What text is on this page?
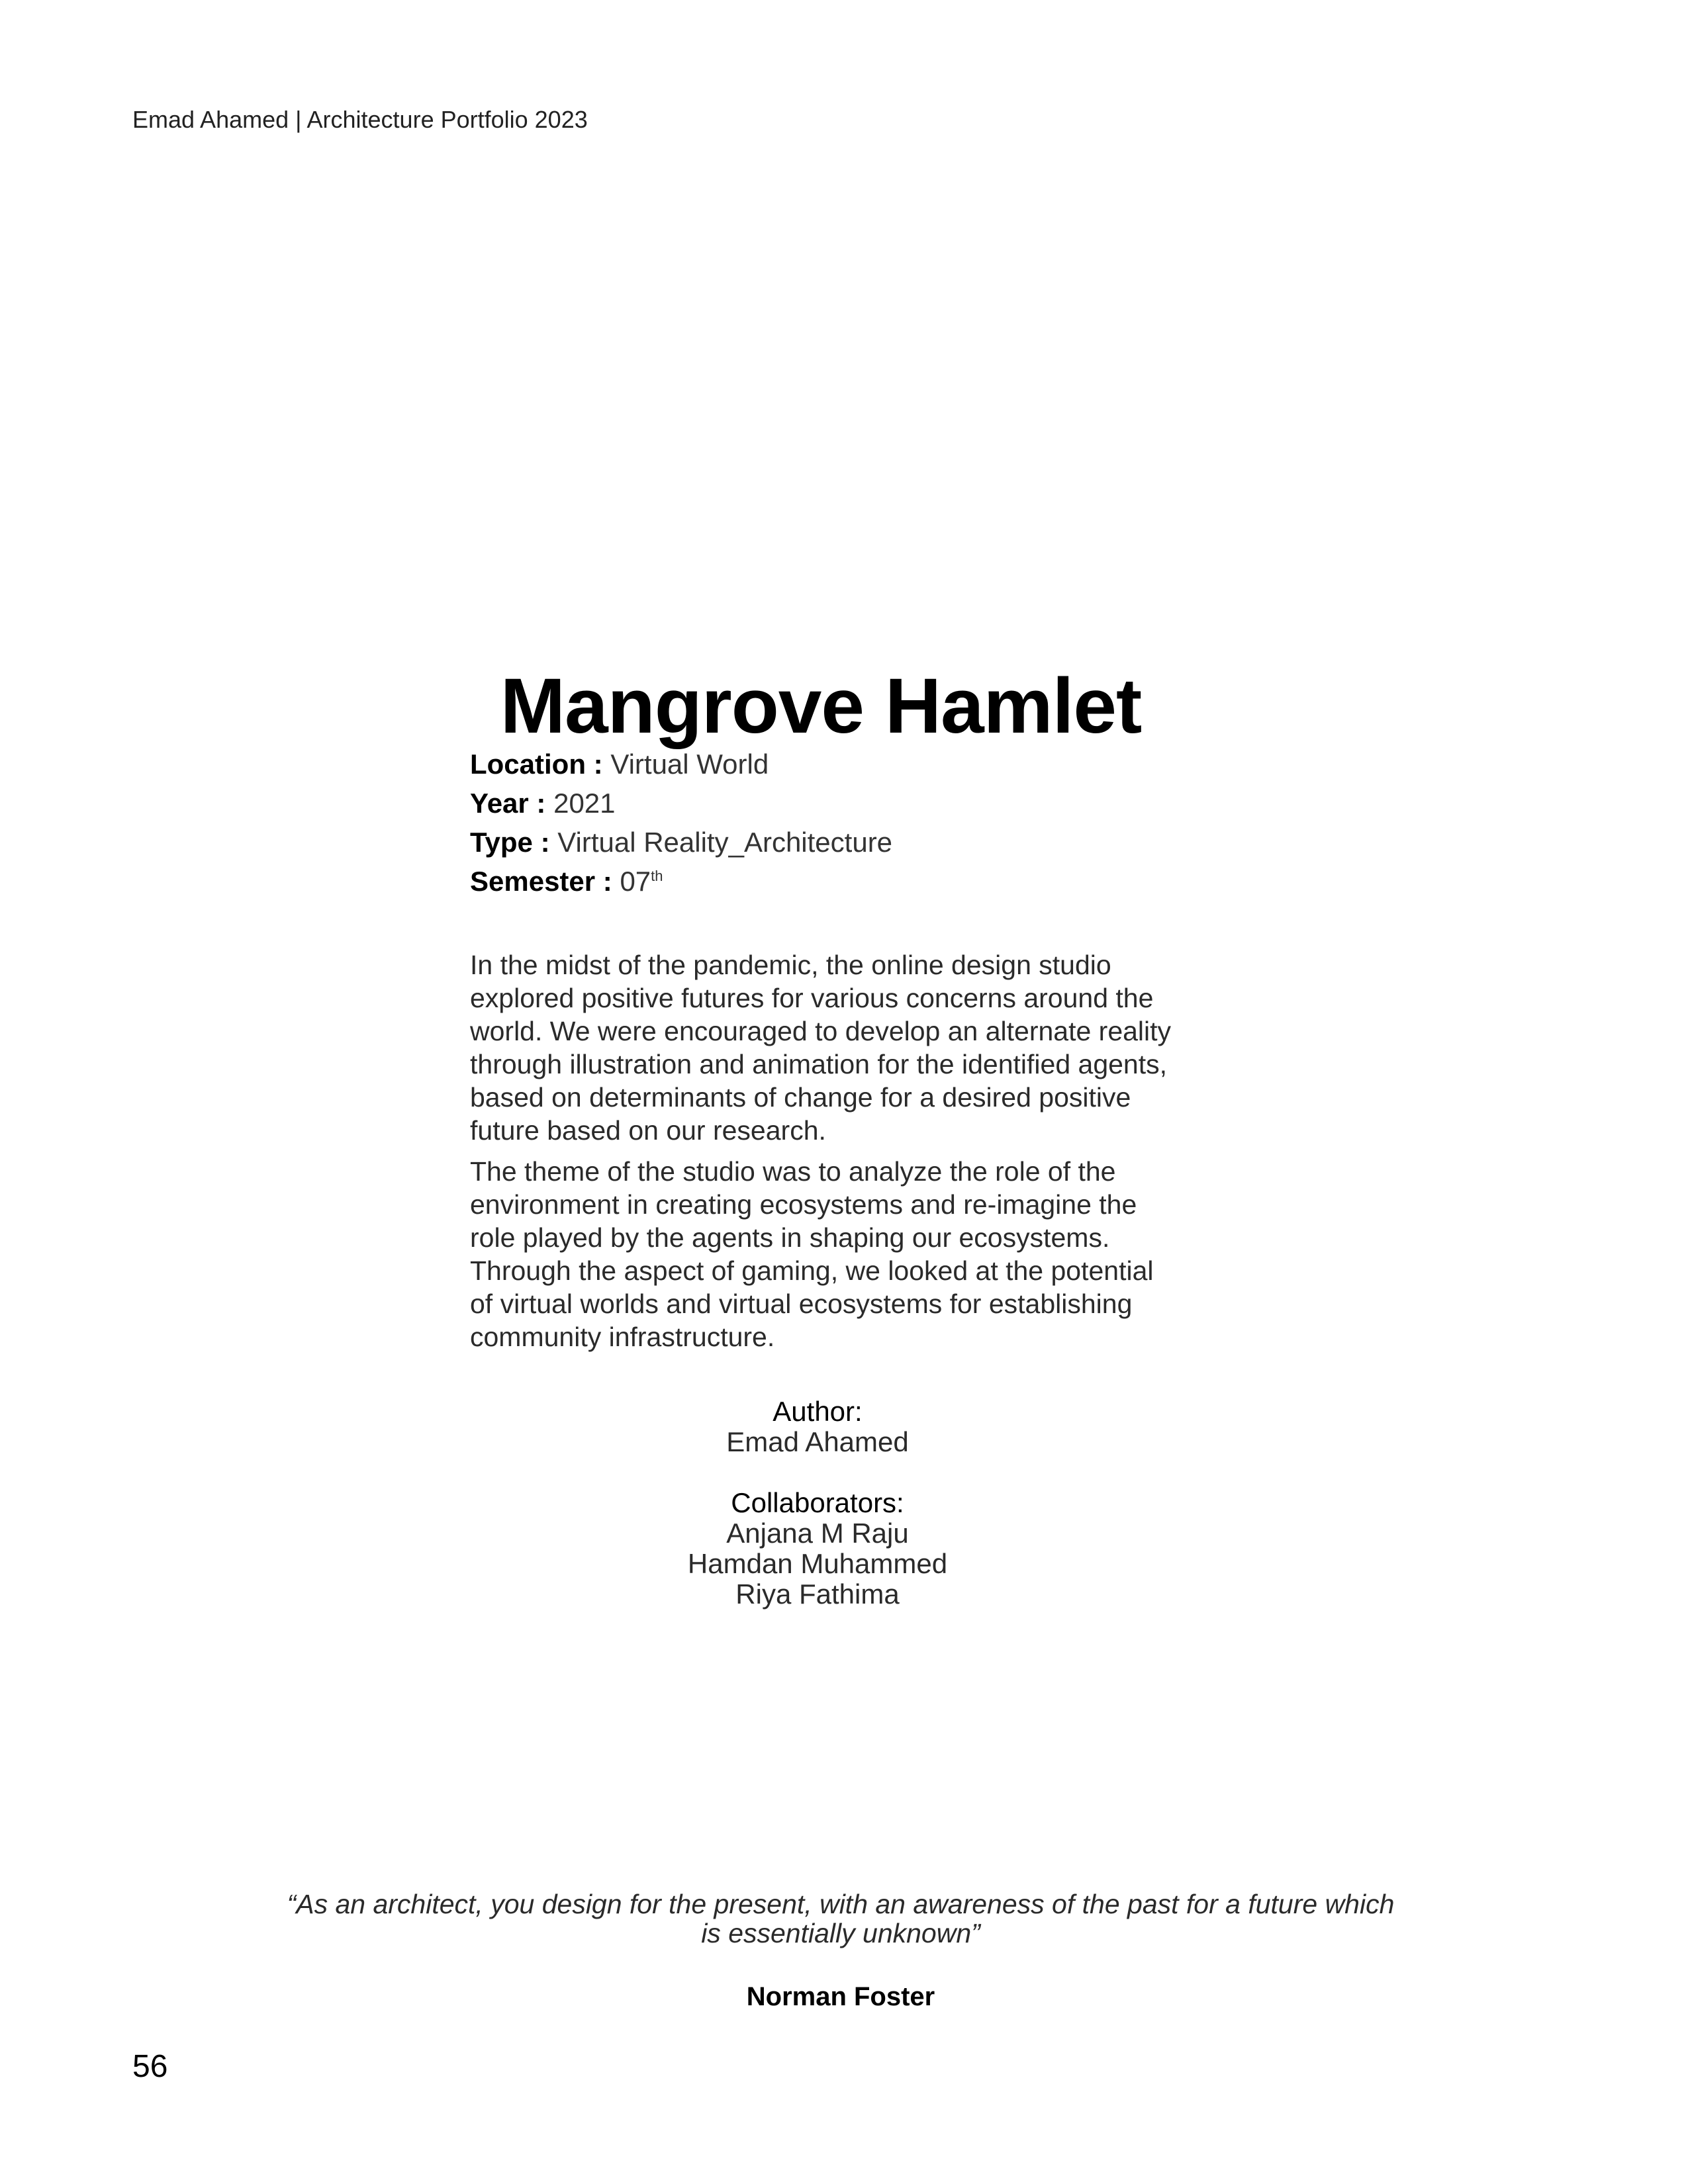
Emad Ahamed | Architecture Portfolio 2023
Mangrove Hamlet
Location : Virtual World
Year : 2021
Type : Virtual Reality_Architecture
Semester : 07th

In the midst of the pandemic, the online design studio explored positive futures for various concerns around the world. We were encouraged to develop an alternate reality through illustration and animation for the identified agents, based on determinants of change for a desired positive future based on our research.

The theme of the studio was to analyze the role of the environment in creating ecosystems and re-imagine the role played by the agents in shaping our ecosystems. Through the aspect of gaming, we looked at the potential of virtual worlds and virtual ecosystems for establishing community infrastructure.

Author:
Emad Ahamed
Collaborators:
Anjana M Raju
Hamdan Muhammed
Riya Fathima
“As an architect, you design for the present, with an awareness of the past for a future which
is essentially unknown”
Norman Foster
56
